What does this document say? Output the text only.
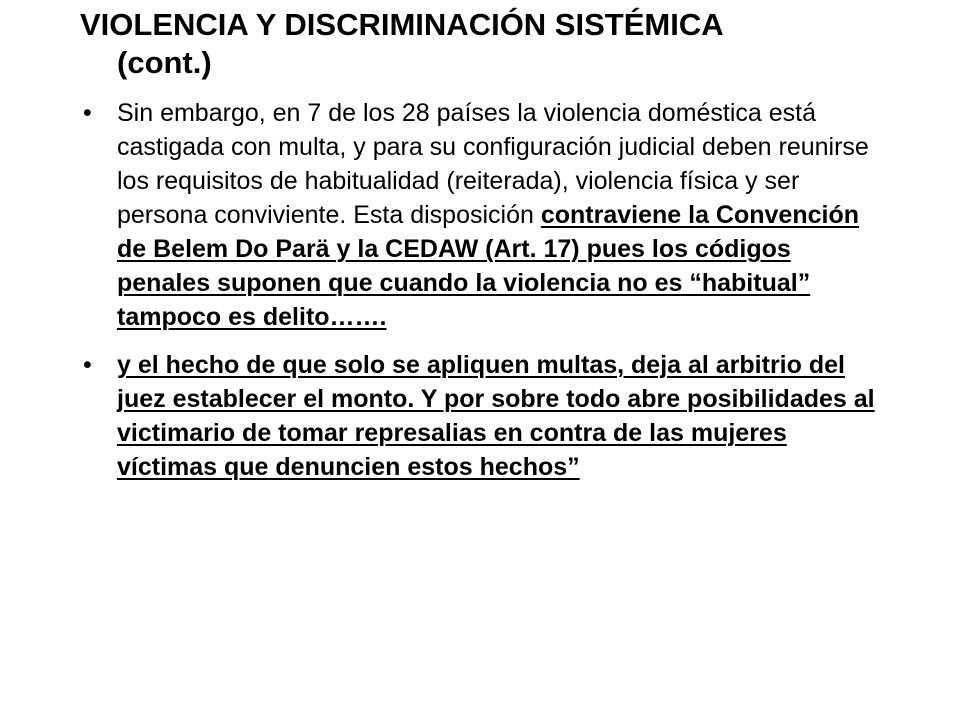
VIOLENCIA Y DISCRIMINACIÓN SISTÉMICA
(cont.)
• Sin embargo, en 7 de los 28 países la violencia doméstica está castigada con multa, y para su configuración judicial deben reunirse los requisitos de habitualidad (reiterada), violencia física y ser persona conviviente. Esta disposición contraviene la Convención de Belem Do Parä y la CEDAW (Art. 17) pues los códigos penales suponen que cuando la violencia no es “habitual” tampoco es delito…….
• y el hecho de que solo se apliquen multas, deja al arbitrio del juez establecer el monto. Y por sobre todo abre posibilidades al victimario de tomar represalias en contra de las mujeres víctimas que denuncien estos hechos”
